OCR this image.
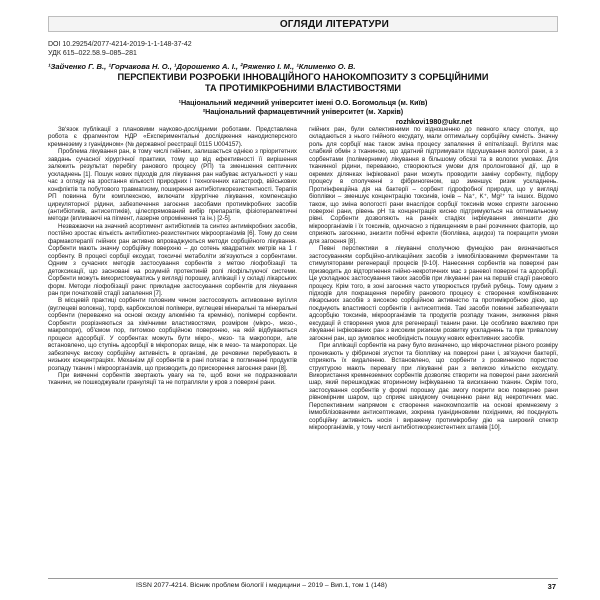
ОГЛЯДИ ЛІТЕРАТУРИ
DOI 10.29254/2077-4214-2019-1-1-148-37-42
УДК 615–022.58.9–085–281
¹Зайченко Г. В., ¹Горчакова Н. О., ¹Дорошенко А. І., ²Ряженко І. М., ¹Клименко О. В.
ПЕРСПЕКТИВИ РОЗРОБКИ ІННОВАЦІЙНОГО НАНОКОМПОЗИТУ З СОРБЦІЙНИМИ
ТА ПРОТИМІКРОБНИМИ ВЛАСТИВОСТЯМИ
¹Національний медичний університет імені О.О. Богомольця (м. Київ)
²Національний фармацевтичний університет (м. Харків)
rozhkovi1980@ukr.net

Зв'язок публікації з плановими науково-дослідними роботами. Представлена робота є фрагментом НДР «Експериментальні дослідження нанодисперсного кремнезему з гуанідином» (№ державної реєстрації 0115 U004157).

Проблема лікування ран, в тому числі гнійних, залишається однією з пріоритетних завдань сучасної хірургічної практики, тому що від ефективності її вирішення залежить результат перебігу ранового процесу (РП) та зменшення септичних ускладнень [1]. Пошук нових підходів для лікування ран набуває актуальності у наш час з огляду на зростання кількості природних і техногенних катастроф, військових конфліктів та побутового травматизму, поширення антибіотикорезистентності. Терапія РП повинна бути комплексною, включати хірургічне лікування, компенсацію циркуляторної рідини, забезпечення загоєння засобами протимікробних засобів (антибіотиків, антисептиків), цілеспрямований вибір препаратів, фізіотерапевтичні методи (впливаючі на пігмент, лазерне опромінення та ін.) [2-5].

Незважаючи на значний асортимент антибіотиків та синтез антимікробних засобів, постійно зростає кількість антибіотико-резистентних мікроорганізмів [6]. Тому до схем фармакотерапії гнійних ран активно впроваджуються методи сорбційного лікування. Сорбенти мають значну сорбційну поверхню – до сотень квадратних метрів на 1 г сорбенту. В процесі сорбції ексудат, токсичні метаболіти зв'язуються з сорбентами. Одним з сучасних методів застосування сорбентів з метою ліофобізації та детоксикації, що засновані на розумній протектиній ролі ліофільтуючої системи. Сорбенти можуть використовуватись у вигляді порошку, аплікації і у складі лікарських форм. Методи ліофобізації рани: прикладне застосування сорбентів для лікування ран при початковій стадії запалення [7].

В місцевій практиці сорбенти головним чином застосовують активоване вугілля (вуглецеві волокна), торф, карбоксилові полімери, вуглецеві мінеральні та мінеральні сорбенти (переважно на основі оксиду алюмінію та кремнію), полімерні сорбенти. Сорбенти розрізняються за хімічними властивостями, розміром (мікро-, мезо-, макропори), об'ємом пор, питомою сорбційною поверхнею, на якій відбуваються процеси адсорбції. У сорбентах можуть бути мікро-, мезо- та макропори, але встановлено, що ступінь адсорбції в мікропорах вище, ніж в мезо- та макропорах. Це забезпечує високу сорбційну активність в організмі, де речовини перебувають в низьких концентраціях. Механізм дії сорбентів в рані полягає в поглинанні продуктів розпаду тканин і мікроорганізмів, що призводить до прискорення загоєння рани [8].

При вивченні сорбентів звертають увагу на те, щоб вони не подразнювали тканини, не пошкоджували грануляції та не потрапляли у кров з поверхні рани.

гнійних ран, були селективними по відношенню до певного класу сполук, що складаються з нього гнійного ексудату, мали оптимальну сорбційну ємність. Значну роль для сорбції має також зміна процесу запалення й епітелізації. Вугілля має слабкий обмін з тканиною, що здатний підтримувати підсушування вологої рани, а з сорбентами (полімерними) лікування в більшому обсязі та в вологих умовах. Для тканинної рідини, переважно, створюються умови для пролонгованої дії, що в окремих ділянках інфікованої рани можуть проводити заміну сорбенту, підбору процесу в сполученні з фібриногеном, що зменшує ризик ускладнень. Протиінфекційна дія на бактерії – сорбент гідрофобної природи, що у вигляді біоплівки – зменшує концентрацію токсинів, іонів – Na⁺, K⁺, Mg²⁺ та інших. Відомо також, що зміна вологості рани внаслідок сорбції токсинів може сприяти загоєнню поверхні рани, рівень pH та концентрація кисню підтримуються на оптимальному рівні. Сорбенти дозволяють на ранніх стадіях інфікування зменшити дію мікроорганізмів і їх токсинів, одночасно з підвищенням в рані розчинних факторів, що сприяють загоєнню, знизити побічні ефекти (біоплівка, ацидоз) та покращити умови для загоєння [8].

Певні перспективи в лікуванні сполучною функцією ран визначаються застосуванням сорбційно-аплікаційних засобів з іммобілізованими ферментами та стимуляторами регенерації процесів [9-10]. Нанесення сорбентів на поверхні ран призводить до відторгнення гнійно-некротичних мас з раневої поверхні та адсорбції. Це ускладнює застосування таких засобів при лікуванні ран на першій стадії ранового процесу. Крім того, в зоні загоєння часто утворюється грубий рубець. Тому одним з підходів для покращення перебігу ранового процесу є створення комбінованих лікарських засобів з високою сорбційною активністю та протимікробною дією, що поєднують властивості сорбентів і антисептиків. Такі засоби повинні забезпечувати адсорбцію токсинів, мікроорганізмів та продуктів розпаду тканин, зниження рівня ексудації й створення умов для регенерації тканин рани. Це особливо важливо при лікуванні інфікованих ран з високим ризиком розвитку ускладнень та при тривалому загоєнні ран, що зумовлює необхідність пошуку нових ефективних засобів.

При аплікації сорбентів на рану було визначено, що мікрочастинки різного розміру проникають у фібринові згустки та біоплівку на поверхні рани і, зв'язуючи бактерії, сприяють їх видаленню. Встановлено, що сорбенти з розвиненою пористою структурою мають перевагу при лікуванні ран з великою кількістю ексудату. Використання кремнеземних сорбентів дозволяє створити на поверхні рани захисний шар, який перешкоджає вторинному інфікуванню та висиханню тканин. Окрім того, застосування сорбентів у формі порошку дає змогу покрити всю поверхню рани рівномірним шаром, що сприяє швидкому очищенню рани від некротичних мас. Перспективним напрямом є створення нанокомпозитів на основі кремнезему з іммобілізованими антисептиками, зокрема гуанідиновими похідними, які поєднують сорбційну активність носія і виражену протимікробну дію на широкий спектр мікроорганізмів, у тому числі антибіотикорезистентних штамів [10].

ISSN 2077-4214. Вісник проблем біології і медицини – 2019 – Вип.1, том 1 (148)	37
